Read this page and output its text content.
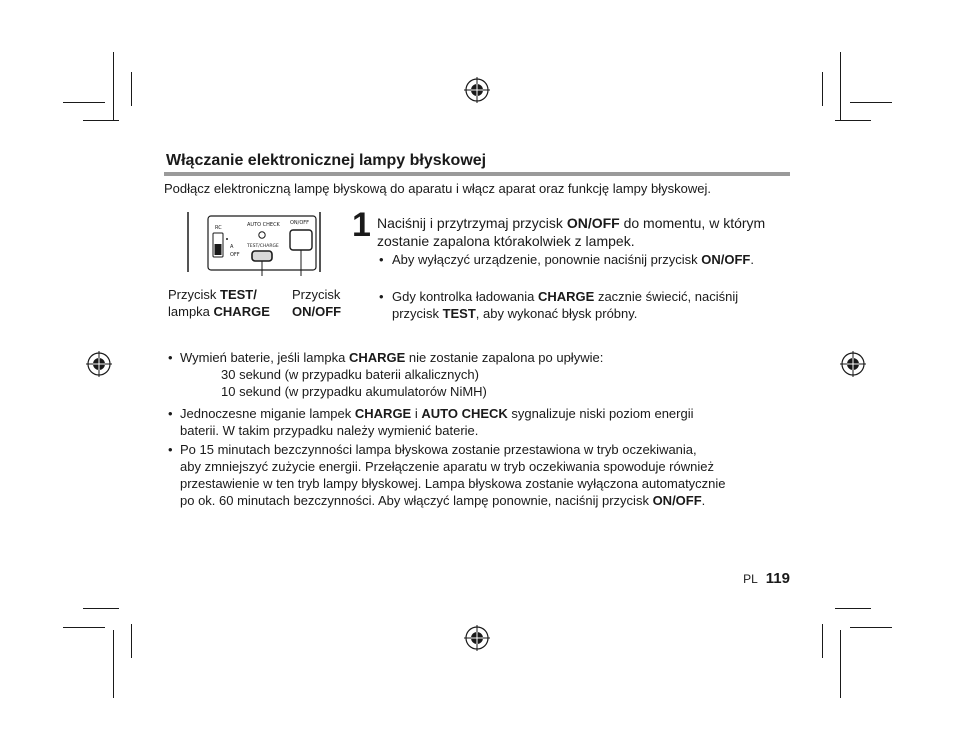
Włączanie elektronicznej lampy błyskowej
Podłącz elektroniczną lampę błyskową do aparatu i włącz aparat oraz funkcję lampy błyskowej.
RC
A
OFF
AUTO CHECK
TEST/CHARGE
ON/OFF
Przycisk TEST/
lampka CHARGE
Przycisk
ON/OFF
1 Naciśnij i przytrzymaj przycisk ON/OFF do momentu, w którym zostanie zapalona którakolwiek z lampek.
• Aby wyłączyć urządzenie, ponownie naciśnij przycisk ON/OFF.
• Gdy kontrolka ładowania CHARGE zacznie świecić, naciśnij przycisk TEST, aby wykonać błysk próbny.
• Wymień baterie, jeśli lampka CHARGE nie zostanie zapalona po upływie:
30 sekund (w przypadku baterii alkalicznych)
10 sekund (w przypadku akumulatorów NiMH)
• Jednoczesne miganie lampek CHARGE i AUTO CHECK sygnalizuje niski poziom energii
baterii. W takim przypadku należy wymienić baterie.
• Po 15 minutach bezczynności lampa błyskowa zostanie przestawiona w tryb oczekiwania,
aby zmniejszyć zużycie energii. Przełączenie aparatu w tryb oczekiwania spowoduje również
przestawienie w ten tryb lampy błyskowej. Lampa błyskowa zostanie wyłączona automatycznie
po ok. 60 minutach bezczynności. Aby włączyć lampę ponownie, naciśnij przycisk ON/OFF.
PL 119
